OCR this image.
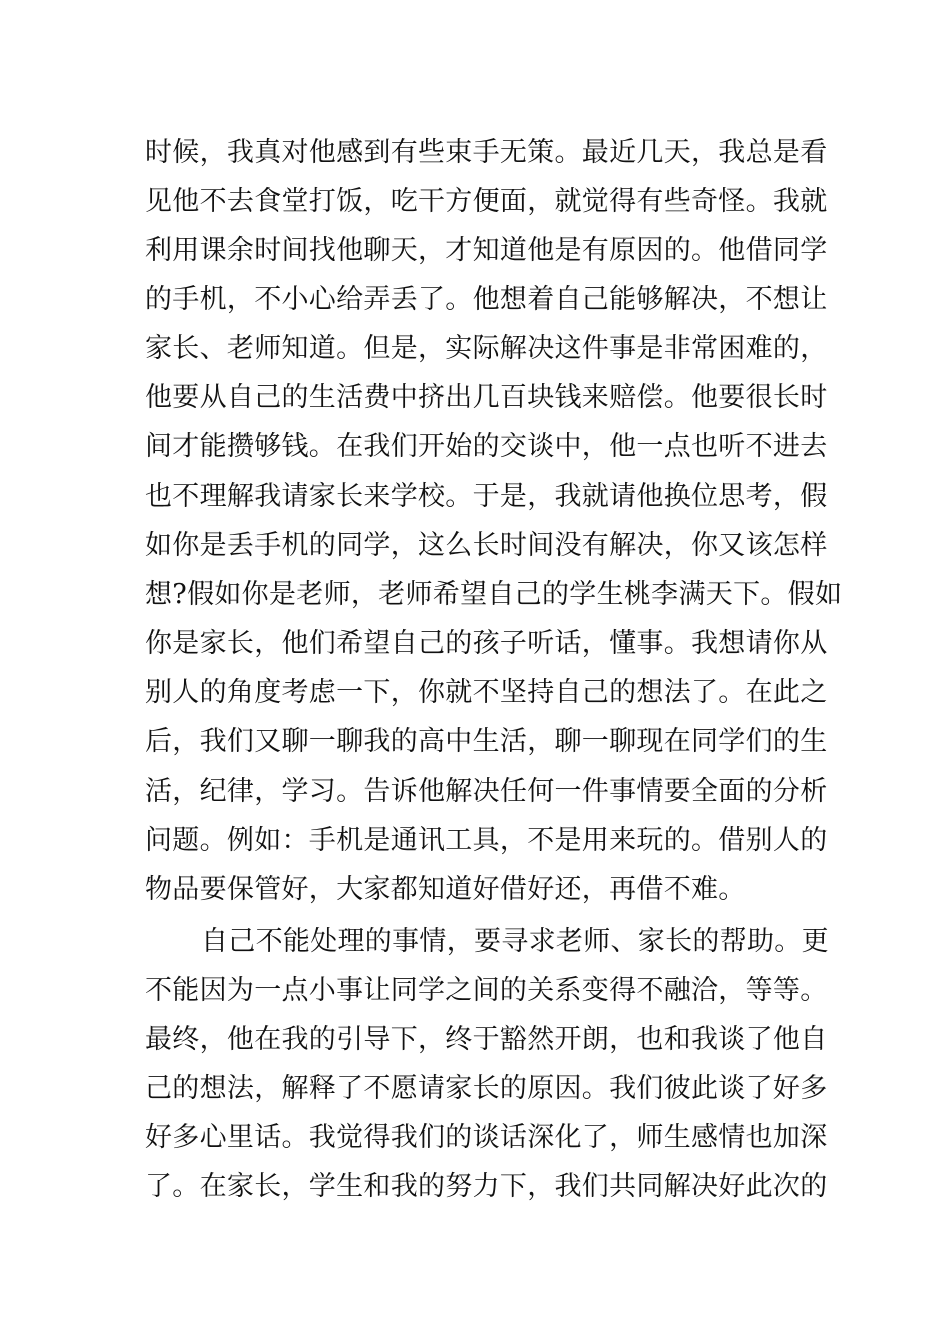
时候，我真对他感到有些束手无策。最近几天，我总是看
见他不去食堂打饭，吃干方便面，就觉得有些奇怪。我就
利用课余时间找他聊天，才知道他是有原因的。他借同学
的手机，不小心给弄丢了。他想着自己能够解决，不想让
家长、老师知道。但是，实际解决这件事是非常困难的，
他要从自己的生活费中挤出几百块钱来赔偿。他要很长时
间才能攒够钱。在我们开始的交谈中，他一点也听不进去
也不理解我请家长来学校。于是，我就请他换位思考，假
如你是丢手机的同学，这么长时间没有解决，你又该怎样
想?假如你是老师，老师希望自己的学生桃李满天下。假如
你是家长，他们希望自己的孩子听话，懂事。我想请你从
别人的角度考虑一下，你就不坚持自己的想法了。在此之
后，我们又聊一聊我的高中生活，聊一聊现在同学们的生
活，纪律，学习。告诉他解决任何一件事情要全面的分析
问题。例如：手机是通讯工具，不是用来玩的。借别人的
物品要保管好，大家都知道好借好还，再借不难。
自己不能处理的事情，要寻求老师、家长的帮助。更
不能因为一点小事让同学之间的关系变得不融洽，等等。
最终，他在我的引导下，终于豁然开朗，也和我谈了他自
己的想法，解释了不愿请家长的原因。我们彼此谈了好多
好多心里话。我觉得我们的谈话深化了，师生感情也加深
了。在家长，学生和我的努力下，我们共同解决好此次的
